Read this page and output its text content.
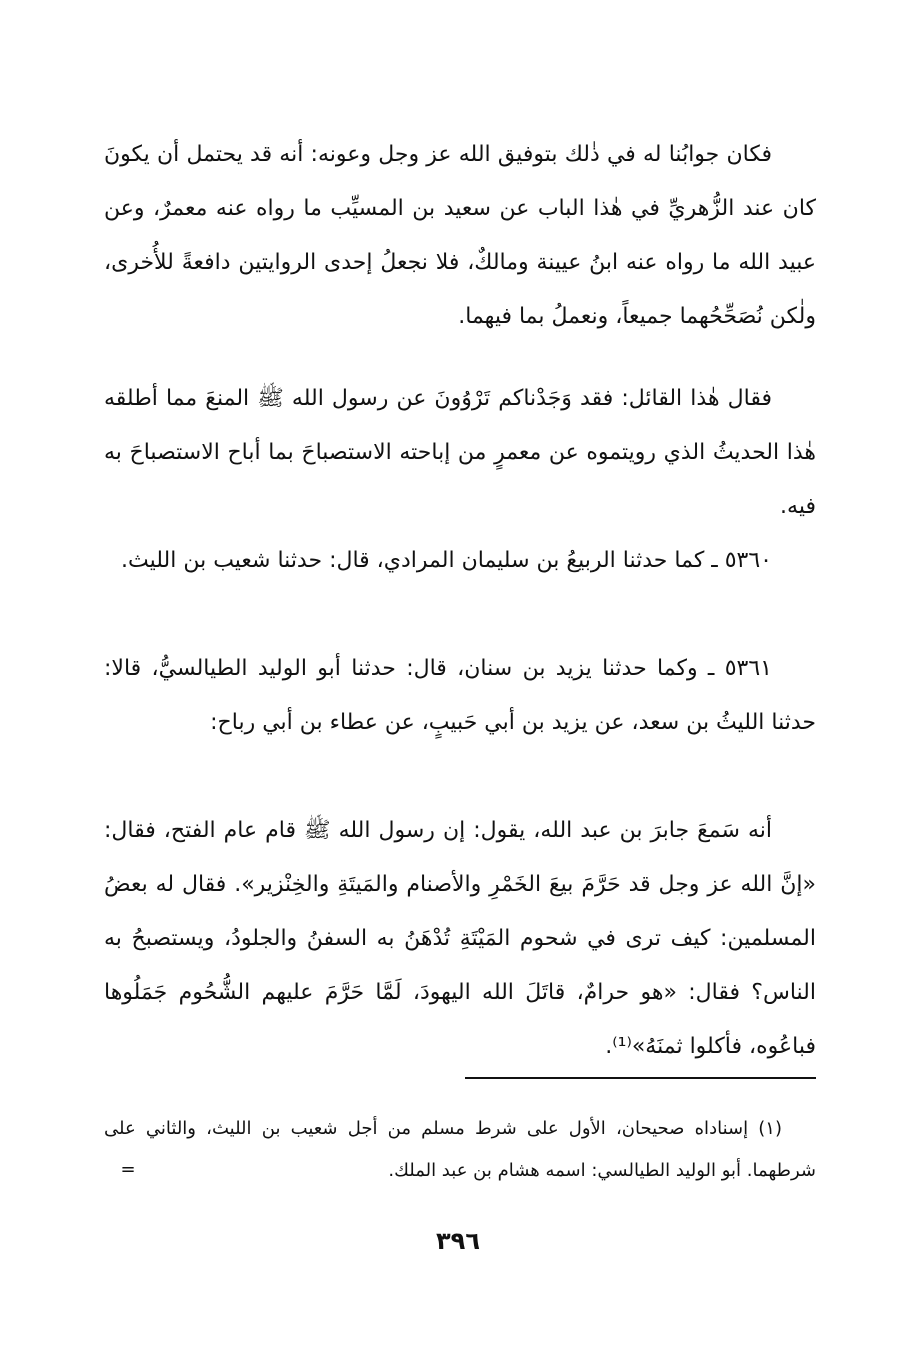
فكان جوابُنا له في ذٰلك بتوفيق الله عز وجل وعونه: أنه قد يحتمل أن يكونَ كان عند الزُّهريِّ في هٰذا الباب عن سعيد بن المسيِّب ما رواه عنه معمرٌ، وعن عبيد الله ما رواه عنه ابنُ عيينة ومالكٌ، فلا نجعلُ إحدى الروايتين دافعةً للأُخرى، ولٰكن نُصَحِّحُهما جميعاً، ونعملُ بما فيهما.

فقال هٰذا القائل: فقد وَجَدْناكم تَرْوُونَ عن رسول الله ﷺ المنعَ مما أطلقه هٰذا الحديثُ الذي رويتموه عن معمرٍ من إباحته الاستصباحَ بما أباح الاستصباحَ به فيه.

٥٣٦٠ ـ كما حدثنا الربيعُ بن سليمان المرادي، قال: حدثنا شعيب بن الليث.

٥٣٦١ ـ وكما حدثنا يزيد بن سنان، قال: حدثنا أبو الوليد الطيالسيُّ، قالا: حدثنا الليثُ بن سعد، عن يزيد بن أبي حَبيبٍ، عن عطاء بن أبي رباح:

أنه سَمعَ جابرَ بن عبد الله، يقول: إن رسول الله ﷺ قام عام الفتح، فقال: «إنَّ الله عز وجل قد حَرَّمَ بيعَ الخَمْرِ والأصنام والمَيتَةِ والخِنْزير». فقال له بعضُ المسلمين: كيف ترى في شحوم المَيْتَةِ تُدْهَنُ به السفنُ والجلودُ، ويستصبحُ به الناس؟ فقال: «هو حرامٌ، قاتَلَ الله اليهودَ، لَمَّا حَرَّمَ عليهم الشُّحُوم جَمَلُوها فباعُوه، فأكلوا ثمنَهُ»⁽¹⁾.

(١) إسناداه صحيحان، الأول على شرط مسلم من أجل شعيب بن الليث، والثاني على شرطهما. أبو الوليد الطيالسي: اسمه هشام بن عبد الملك.

=
٣٩٦
